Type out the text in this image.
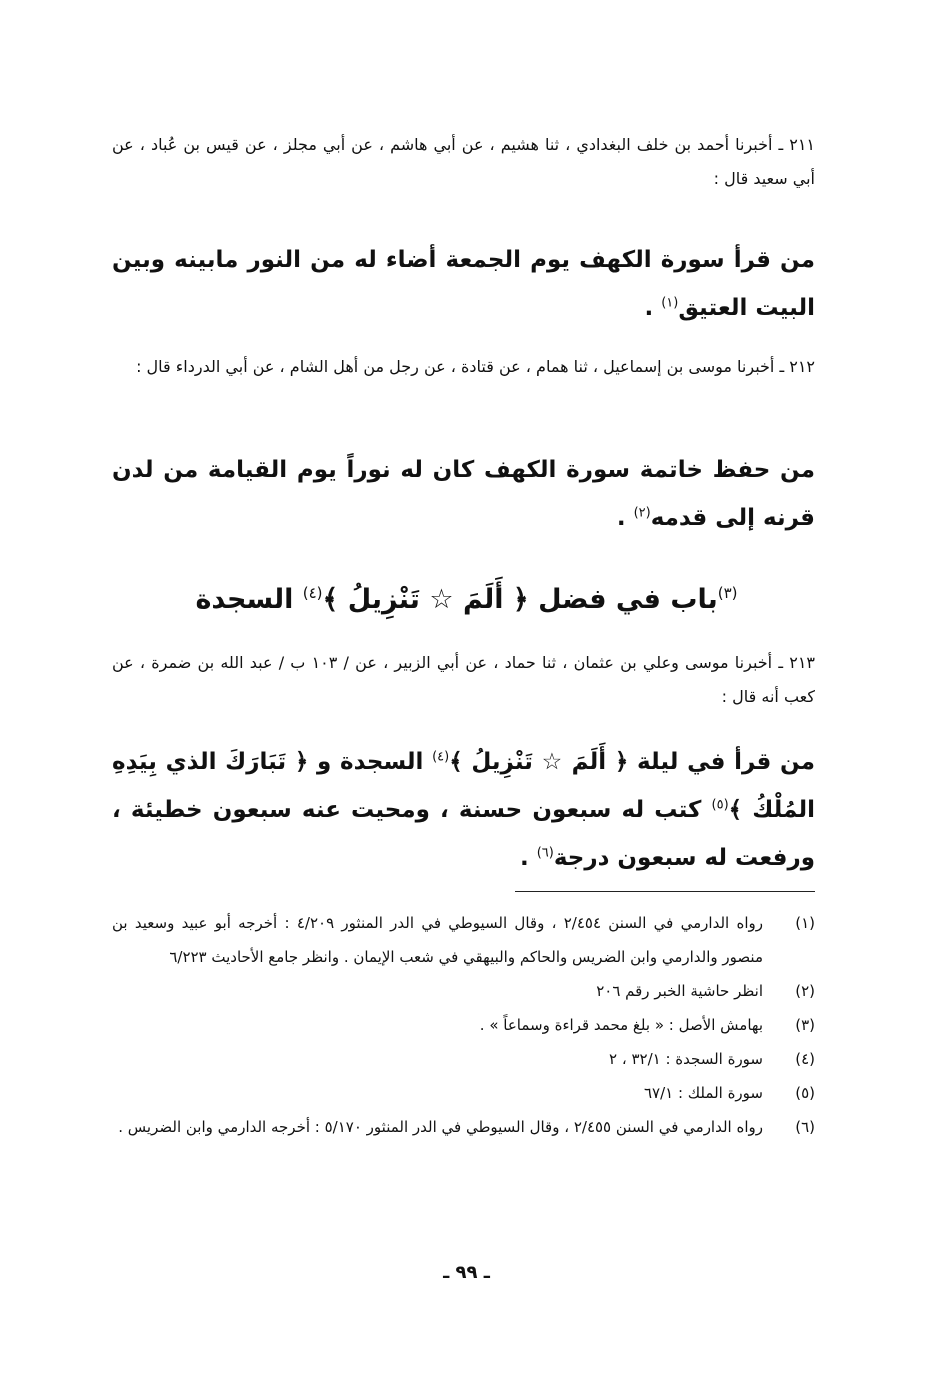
٢١١ ـ أخبرنا أحمد بن خلف البغدادي ، ثنا هشيم ، عن أبي هاشم ، عن أبي مجلز ، عن قيس بن عُباد ، عن أبي سعيد قال :

من قرأ سورة الكهف يوم الجمعة أضاء له من النور مابينه وبين البيت العتيق$^{(١)}$ .

٢١٢ ـ أخبرنا موسى بن إسماعيل ، ثنا همام ، عن قتادة ، عن رجل من أهل الشام ، عن أبي الدرداء قال :

من حفظ خاتمة سورة الكهف كان له نوراً يوم القيامة من لدن قرنه إلى قدمه$^{(٢)}$ .

$^{(٣)}$باب في فضل ﴿ أَلَمَ ☆ تَنْزِيلُ ﴾$^{(٤)}$ السجدة

٢١٣ ـ أخبرنا موسى وعلي بن عثمان ، ثنا حماد ، عن أبي الزبير ، عن / ١٠٣ ب / عبد الله بن ضمرة ، عن كعب أنه قال :

من قرأ في ليلة ﴿ أَلَمَ ☆ تَنْزِيلُ ﴾$^{(٤)}$ السجدة و ﴿ تَبَارَكَ الذي بِيَدِهِ المُلْكُ ﴾$^{(٥)}$ كتب له سبعون حسنة ، ومحيت عنه سبعون خطيئة ، ورفعت له سبعون درجة$^{(٦)}$ .

(١)
رواه الدارمي في السنن ٢/٤٥٤ ، وقال السيوطي في الدر المنثور ٤/٢٠٩ : أخرجه أبو عبيد وسعيد بن منصور والدارمي وابن الضريس والحاكم والبيهقي في شعب الإيمان . وانظر جامع الأحاديث ٦/٢٢٣
(٢)
انظر حاشية الخبر رقم ٢٠٦
(٣)
بهامش الأصل : « بلغ محمد قراءة وسماعاً » .
(٤)
سورة السجدة : ٣٢/١ ، ٢
(٥)
سورة الملك : ٦٧/١
(٦)
رواه الدارمي في السنن ٢/٤٥٥ ، وقال السيوطي في الدر المنثور ٥/١٧٠ : أخرجه الدارمي وابن الضريس .
ـ ٩٩ ـ
